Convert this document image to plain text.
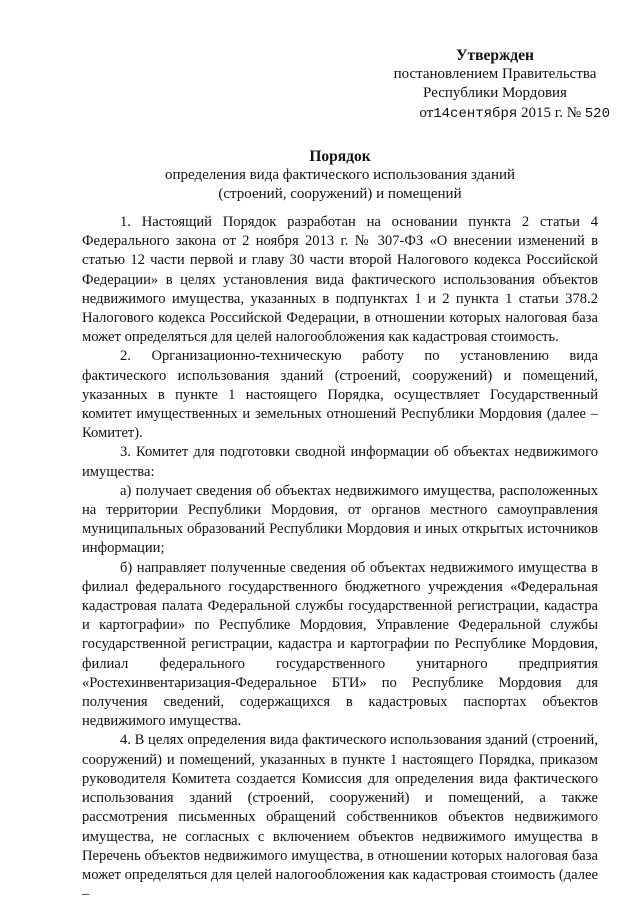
Утвержден
постановлением Правительства
Республики Мордовия
от14сентября 2015 г. № 520
Порядок
определения вида фактического использования зданий
(строений, сооружений) и помещений

1. Настоящий Порядок разработан на основании пункта 2 статьи 4 Федерального закона от 2 ноября 2013 г. № 307-ФЗ «О внесении изменений в статью 12 части первой и главу 30 части второй Налогового кодекса Российской Федерации» в целях установления вида фактического использования объектов недвижимого имущества, указанных в подпунктах 1 и 2 пункта 1 статьи 378.2 Налогового кодекса Российской Федерации, в отношении которых налоговая база может определяться для целей налогообложения как кадастровая стоимость.

2. Организационно-техническую работу по установлению вида фактического использования зданий (строений, сооружений) и помещений, указанных в пункте 1 настоящего Порядка, осуществляет Государственный комитет имущественных и земельных отношений Республики Мордовия (далее – Комитет).

3. Комитет для подготовки сводной информации об объектах недвижимого имущества:

а) получает сведения об объектах недвижимого имущества, расположенных на территории Республики Мордовия, от органов местного самоуправления муниципальных образований Республики Мордовия и иных открытых источников информации;

б) направляет полученные сведения об объектах недвижимого имущества в филиал федерального государственного бюджетного учреждения «Федеральная кадастровая палата Федеральной службы государственной регистрации, кадастра и картографии» по Республике Мордовия, Управление Федеральной службы государственной регистрации, кадастра и картографии по Республике Мордовия, филиал федерального государственного унитарного предприятия «Ростехинвентаризация-Федеральное БТИ» по Республике Мордовия для получения сведений, содержащихся в кадастровых паспортах объектов недвижимого имущества.

4. В целях определения вида фактического использования зданий (строений, сооружений) и помещений, указанных в пункте 1 настоящего Порядка, приказом руководителя Комитета создается Комиссия для определения вида фактического использования зданий (строений, сооружений) и помещений, а также рассмотрения письменных обращений собственников объектов недвижимого имущества, не согласных с включением объектов недвижимого имущества в Перечень объектов недвижимого имущества, в отношении которых налоговая база может определяться для целей налогообложения как кадастровая стоимость (далее –
